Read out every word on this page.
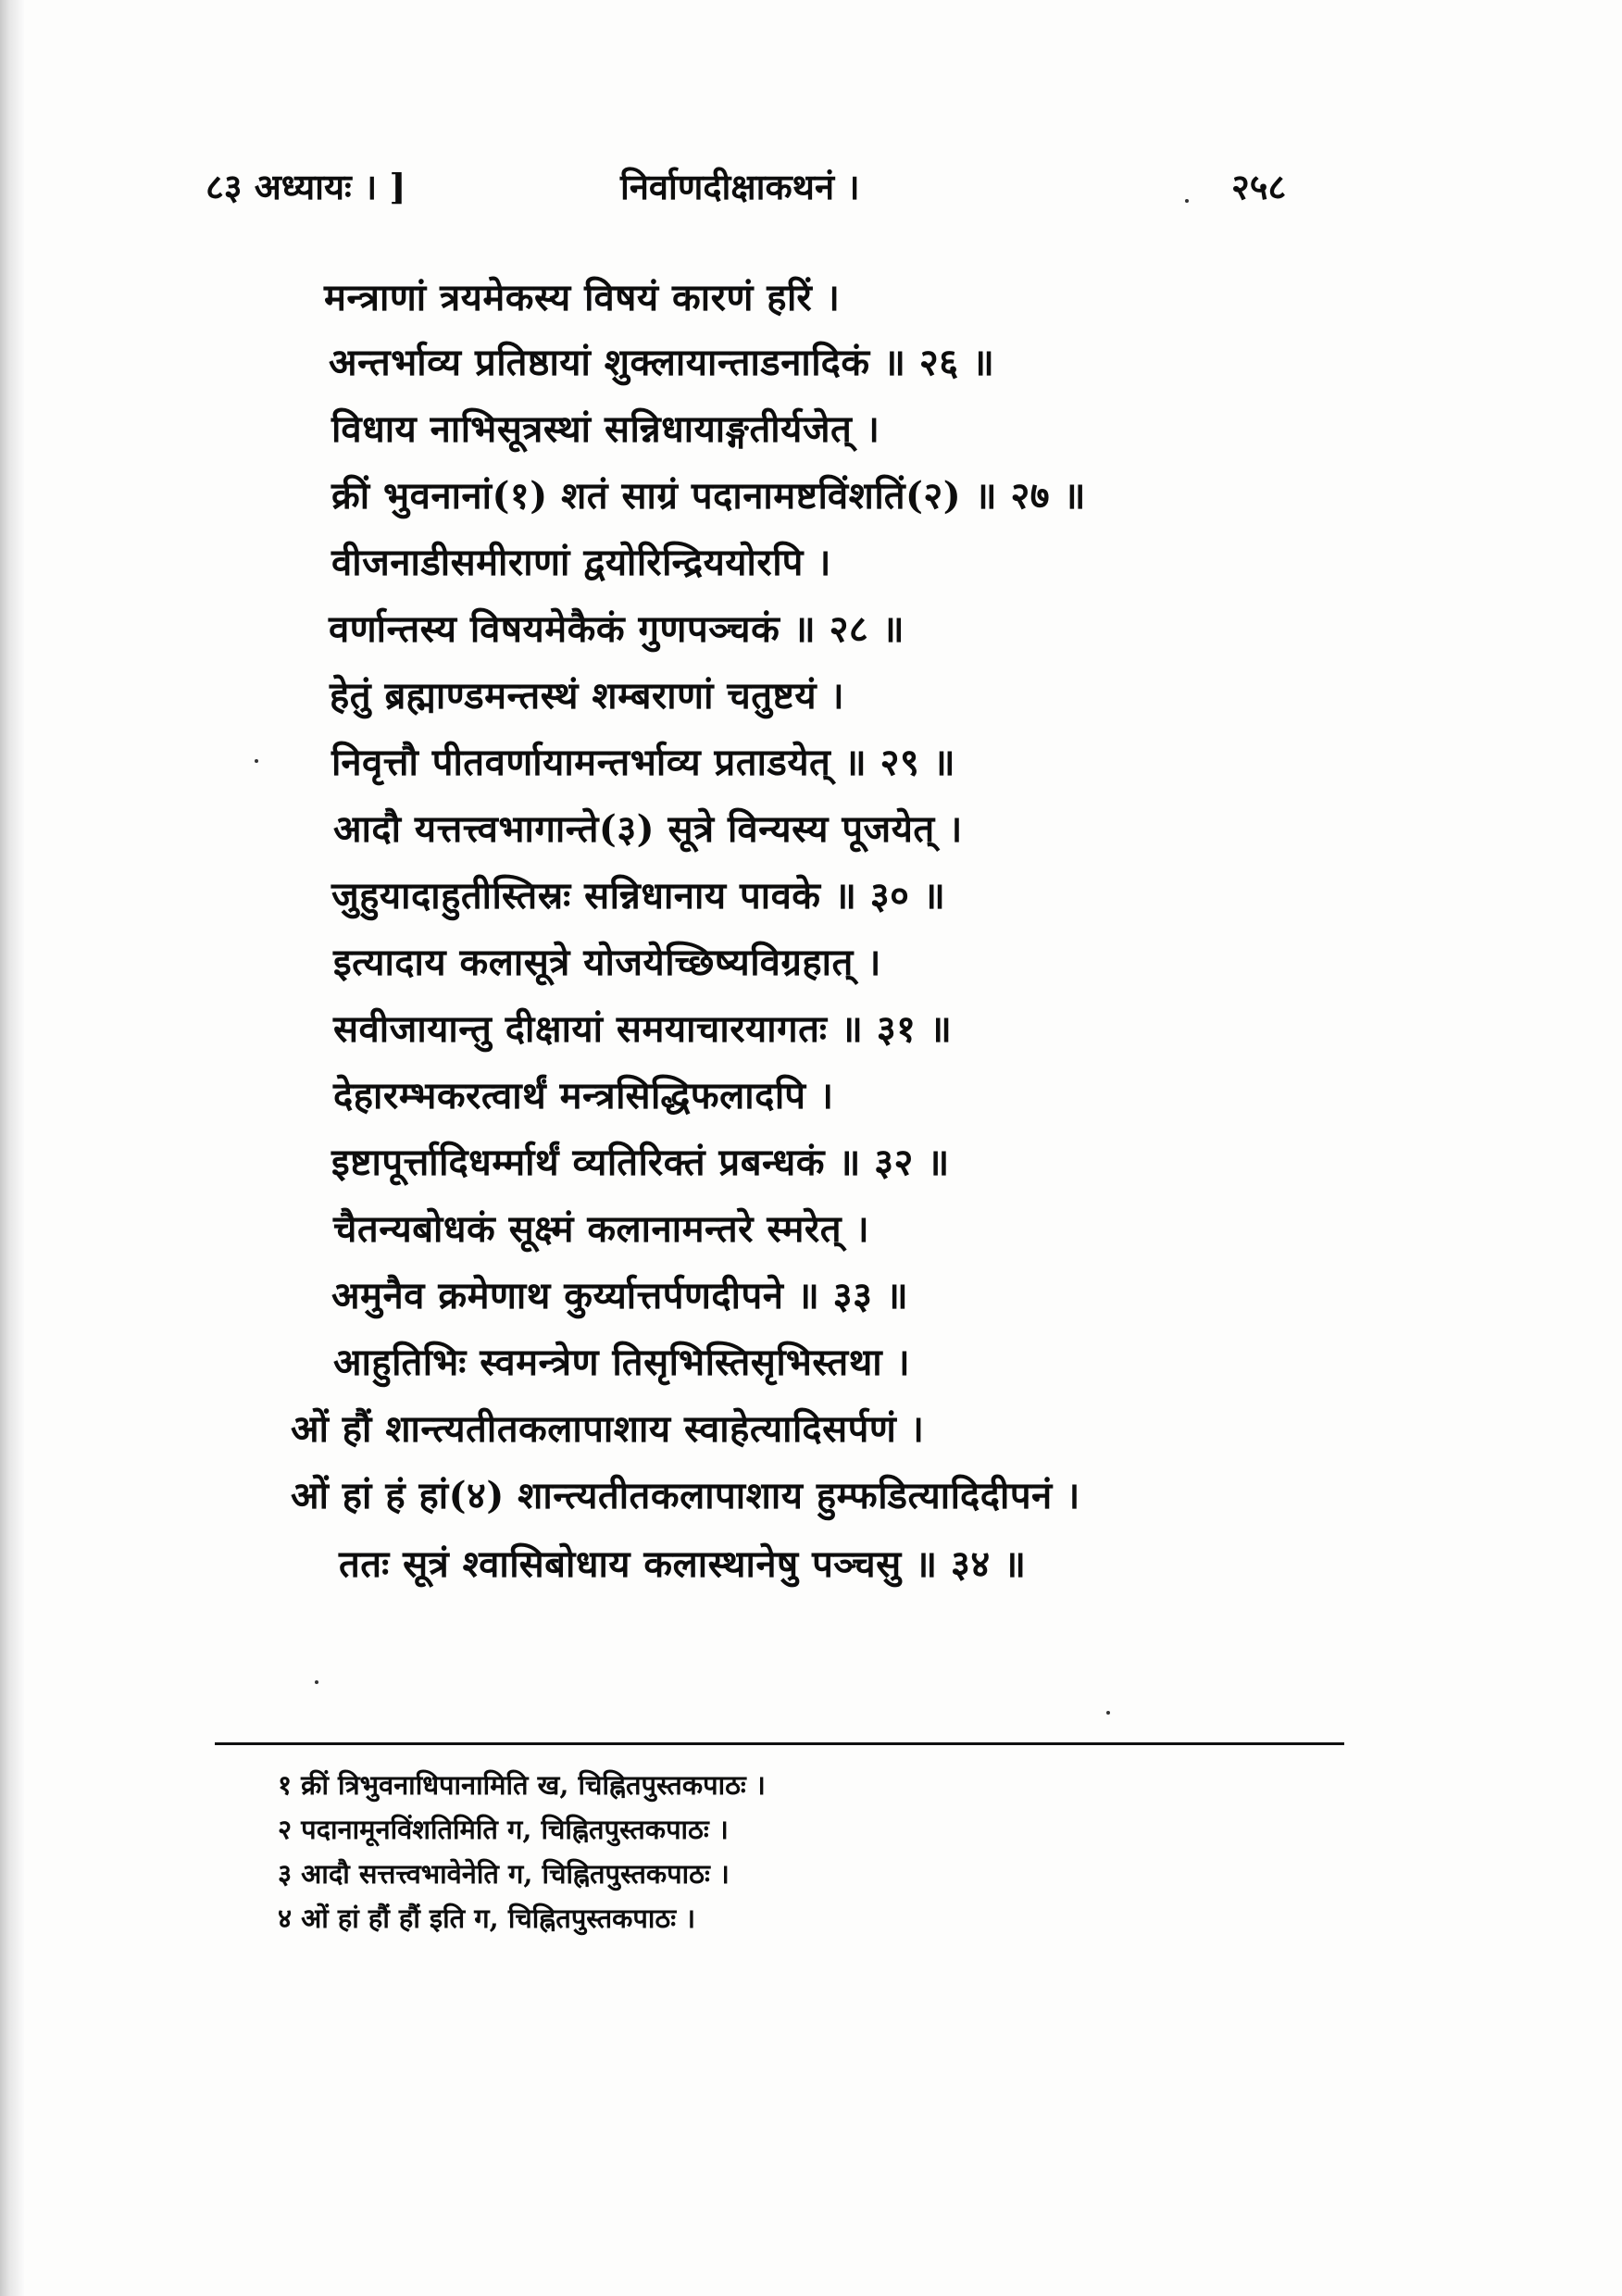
८३ अध्यायः । ]	निर्वाणदीक्षाकथनं ।	२५८
मन्त्राणां त्रयमेकस्य विषयं कारणं हरिं ।
अन्तर्भाव्य प्रतिष्ठायां शुक्लायान्ताडनादिकं ॥ २६ ॥
विधाय नाभिसूत्रस्थां सन्निधायाङ्गतीर्यजेत् ।
क्रीं भुवनानां(१) शतं साग्रं पदानामष्टविंशतिं(२) ॥ २७ ॥
वीजनाडीसमीराणां द्वयोरिन्द्रिययोरपि ।
वर्णान्तस्य विषयमेकैकं गुणपञ्चकं ॥ २८ ॥
हेतुं ब्रह्माण्डमन्तस्थं शम्बराणां चतुष्टयं ।
निवृत्तौ पीतवर्णायामन्तर्भाव्य प्रताडयेत् ॥ २९ ॥
आदौ यत्तत्त्वभागान्ते(३) सूत्रे विन्यस्य पूजयेत् ।
जुहुयादाहुतीस्तिस्रः सन्निधानाय पावके ॥ ३० ॥
इत्यादाय कलासूत्रे योजयेच्छिष्यविग्रहात् ।
सवीजायान्तु दीक्षायां समयाचारयागतः ॥ ३१ ॥
देहारम्भकरत्वार्थं मन्त्रसिद्धिफलादपि ।
इष्टापूर्त्तादिधर्म्मार्थं व्यतिरिक्तं प्रबन्धकं ॥ ३२ ॥
चैतन्यबोधकं सूक्ष्मं कलानामन्तरे स्मरेत् ।
अमुनैव क्रमेणाथ कुर्य्यात्तर्पणदीपने ॥ ३३ ॥
आहुतिभिः स्वमन्त्रेण तिसृभिस्तिसृभिस्तथा ।
ओं हौं शान्त्यतीतकलापाशाय स्वाहेत्यादिसर्पणं ।
ओं हां हं हां(४) शान्त्यतीतकलापाशाय हुम्फडित्यादिदीपनं ।
ततः सूत्रं श्वासिबोधाय कलास्थानेषु पञ्चसु ॥ ३४ ॥
१ क्रीं त्रिभुवनाधिपानामिति ख, चिह्नितपुस्तकपाठः ।
२ पदानामूनविंशतिमिति ग, चिह्नितपुस्तकपाठः ।
३ आदौ सत्तत्त्वभावेनेति ग, चिह्नितपुस्तकपाठः ।
४ ओं हां हौं हौं इति ग, चिह्नितपुस्तकपाठः ।
